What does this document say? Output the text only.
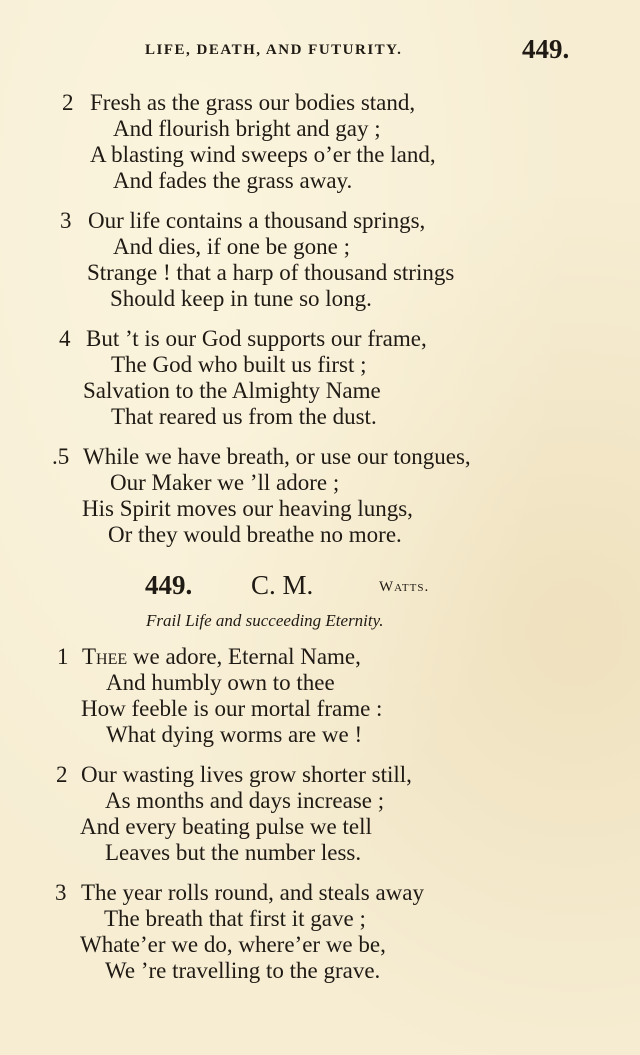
LIFE, DEATH, AND FUTURITY.	449.
2 Fresh as the grass our bodies stand,
And flourish bright and gay ;
A blasting wind sweeps o’er the land,
And fades the grass away.
3 Our life contains a thousand springs,
And dies, if one be gone ;
Strange ! that a harp of thousand strings
Should keep in tune so long.
4 But ’t is our God supports our frame,
The God who built us first ;
Salvation to the Almighty Name
That reared us from the dust.
.5 While we have breath, or use our tongues,
Our Maker we ’ll adore ;
His Spirit moves our heaving lungs,
Or they would breathe no more.
449. C. M.	Watts.
Frail Life and succeeding Eternity.
1 Thee we adore, Eternal Name,
And humbly own to thee
How feeble is our mortal frame :
What dying worms are we !
2 Our wasting lives grow shorter still,
As months and days increase ;
And every beating pulse we tell
Leaves but the number less.
3 The year rolls round, and steals away
The breath that first it gave ;
Whate’er we do, where’er we be,
We ’re travelling to the grave.
